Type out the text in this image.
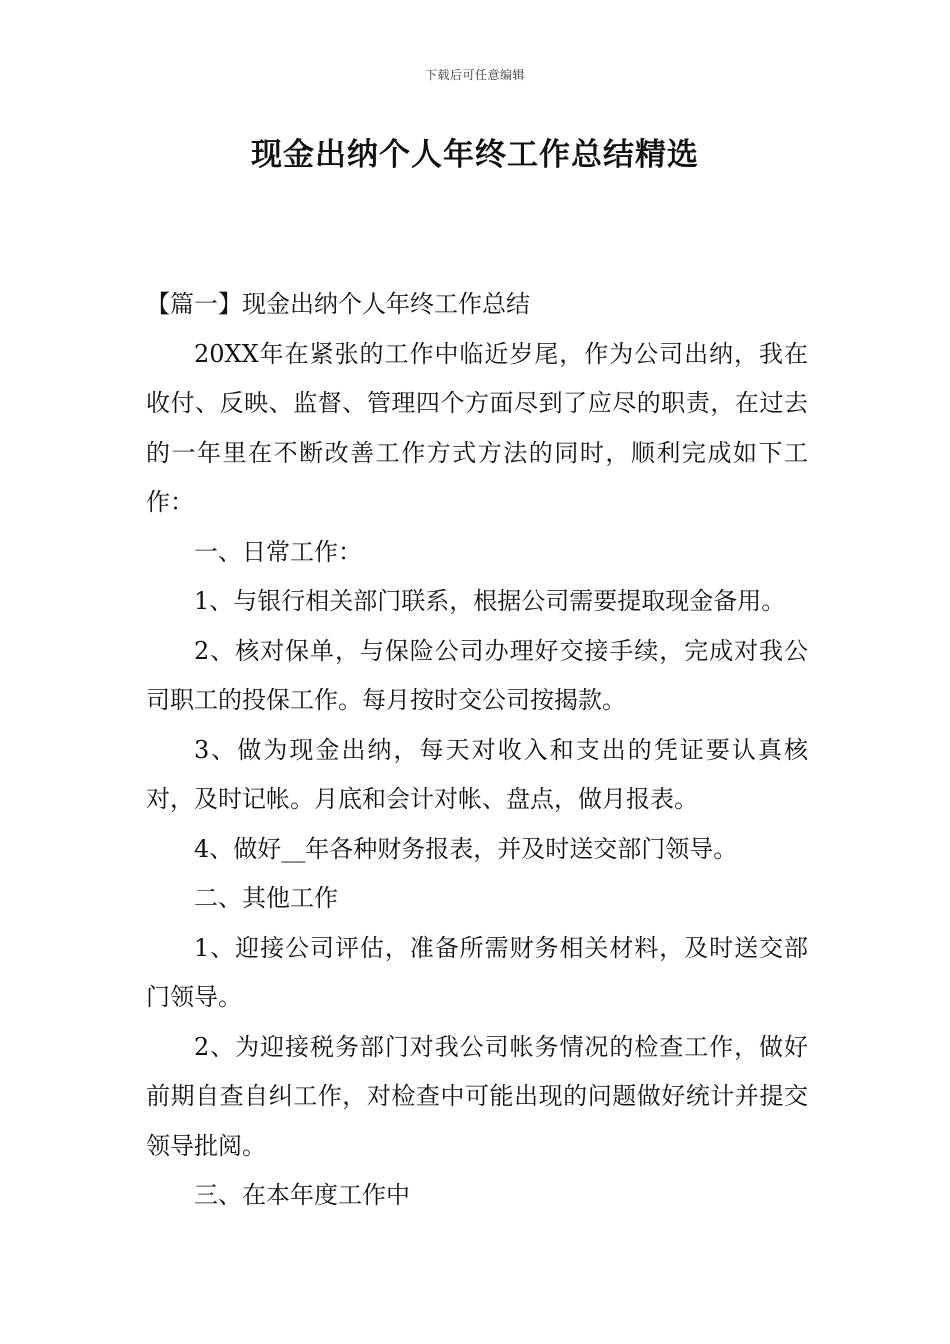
下载后可任意编辑
现金出纳个人年终工作总结精选

【篇一】现金出纳个人年终工作总结

20XX年在紧张的工作中临近岁尾，作为公司出纳，我在收付、反映、监督、管理四个方面尽到了应尽的职责，在过去的一年里在不断改善工作方式方法的同时，顺利完成如下工作：

一、日常工作：

1、与银行相关部门联系，根据公司需要提取现金备用。

2、核对保单，与保险公司办理好交接手续，完成对我公司职工的投保工作。每月按时交公司按揭款。

3、做为现金出纳，每天对收入和支出的凭证要认真核对，及时记帐。月底和会计对帐、盘点，做月报表。

4、做好__年各种财务报表，并及时送交部门领导。

二、其他工作

1、迎接公司评估，准备所需财务相关材料，及时送交部门领导。

2、为迎接税务部门对我公司帐务情况的检查工作，做好前期自查自纠工作，对检查中可能出现的问题做好统计并提交领导批阅。

三、在本年度工作中
